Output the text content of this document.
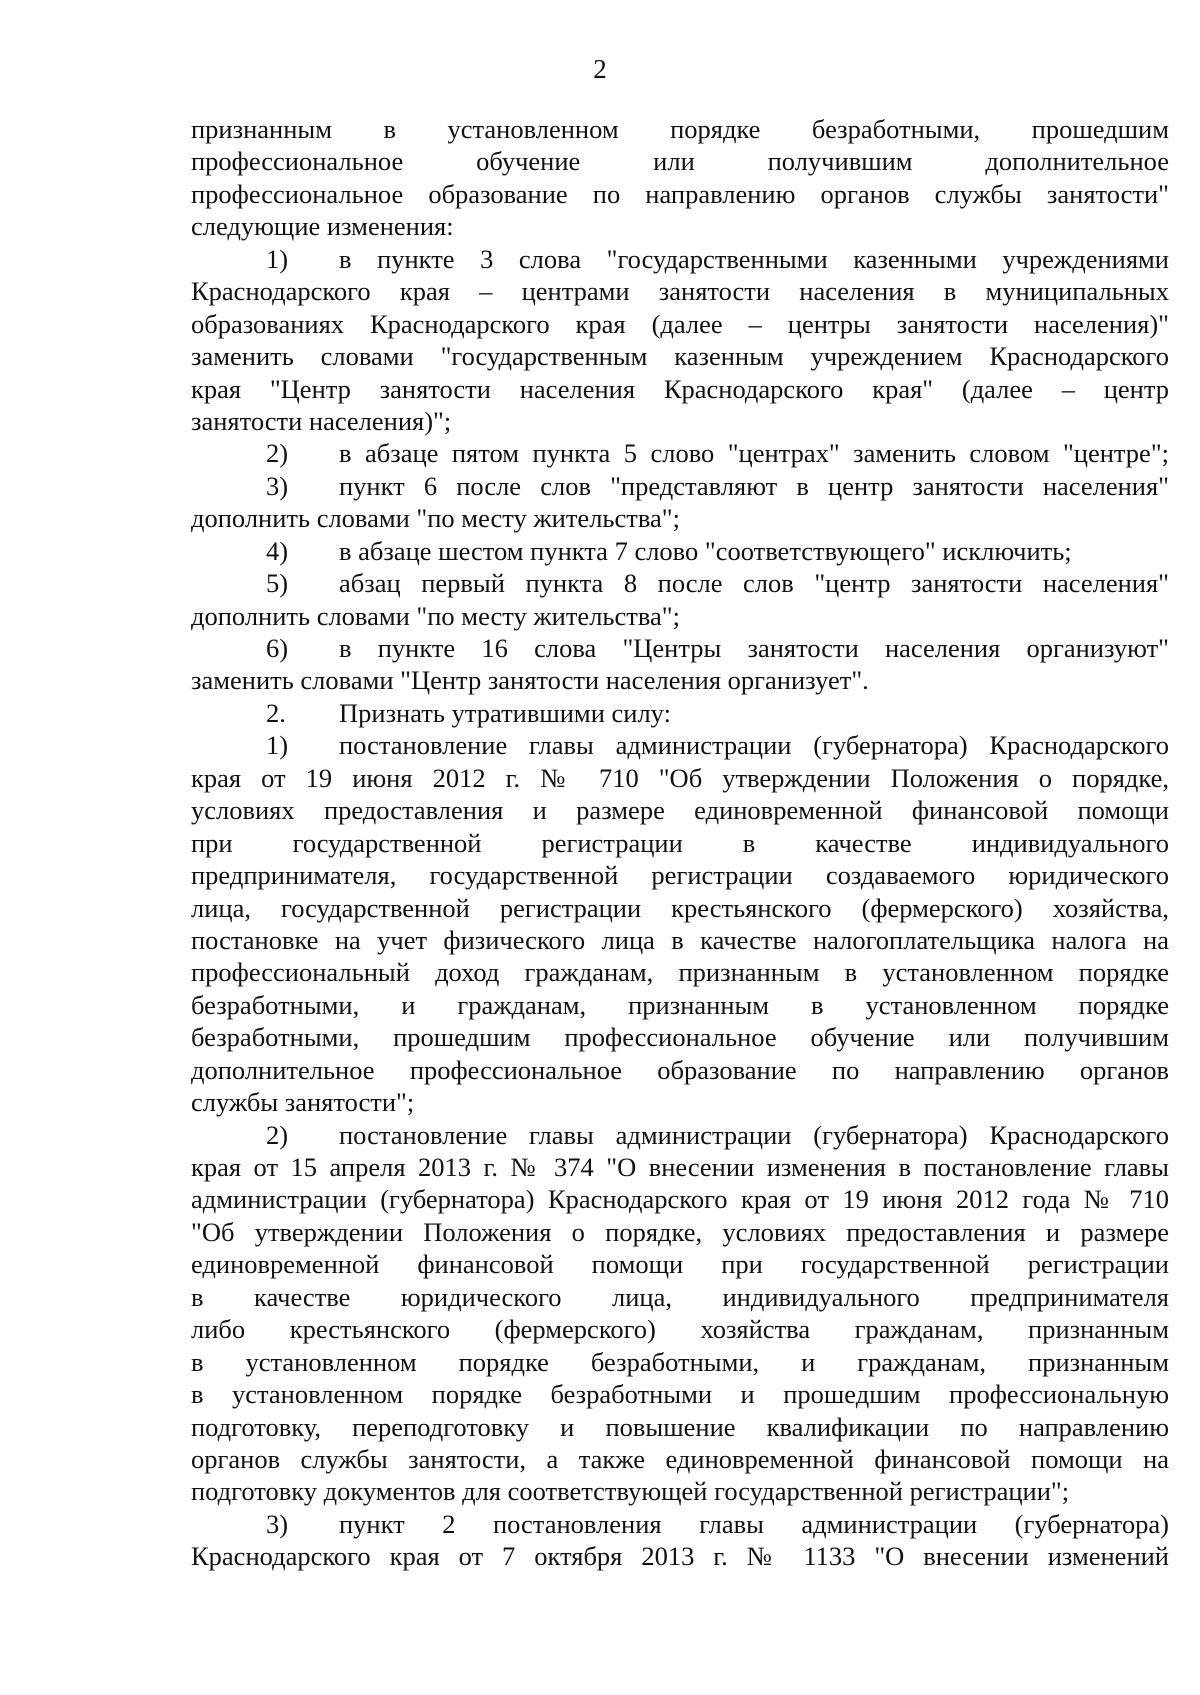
2
признанным в установленном порядке безработными, прошедшим
профессиональное обучение или получившим дополнительное
профессиональное образование по направлению органов службы занятости"
следующие изменения:
1) в пункте 3 слова "государственными казенными учреждениями
Краснодарского края – центрами занятости населения в муниципальных
образованиях Краснодарского края (далее – центры занятости населения)"
заменить словами "государственным казенным учреждением Краснодарского
края "Центр занятости населения Краснодарского края" (далее – центр
занятости населения)";
2) в абзаце пятом пункта 5 слово "центрах" заменить словом "центре";
3) пункт 6 после слов "представляют в центр занятости населения"
дополнить словами "по месту жительства";
4) в абзаце шестом пункта 7 слово "соответствующего" исключить;
5) абзац первый пункта 8 после слов "центр занятости населения"
дополнить словами "по месту жительства";
6) в пункте 16 слова "Центры занятости населения организуют"
заменить словами "Центр занятости населения организует".
2. Признать утратившими силу:
1) постановление главы администрации (губернатора) Краснодарского
края от 19 июня 2012 г. № 710 "Об утверждении Положения о порядке,
условиях предоставления и размере единовременной финансовой помощи
при государственной регистрации в качестве индивидуального
предпринимателя, государственной регистрации создаваемого юридического
лица, государственной регистрации крестьянского (фермерского) хозяйства,
постановке на учет физического лица в качестве налогоплательщика налога на
профессиональный доход гражданам, признанным в установленном порядке
безработными, и гражданам, признанным в установленном порядке
безработными, прошедшим профессиональное обучение или получившим
дополнительное профессиональное образование по направлению органов
службы занятости";
2) постановление главы администрации (губернатора) Краснодарского
края от 15 апреля 2013 г. № 374 "О внесении изменения в постановление главы
администрации (губернатора) Краснодарского края от 19 июня 2012 года № 710
"Об утверждении Положения о порядке, условиях предоставления и размере
единовременной финансовой помощи при государственной регистрации
в качестве юридического лица, индивидуального предпринимателя
либо крестьянского (фермерского) хозяйства гражданам, признанным
в установленном порядке безработными, и гражданам, признанным
в установленном порядке безработными и прошедшим профессиональную
подготовку, переподготовку и повышение квалификации по направлению
органов службы занятости, а также единовременной финансовой помощи на
подготовку документов для соответствующей государственной регистрации";
3) пункт 2 постановления главы администрации (губернатора)
Краснодарского края от 7 октября 2013 г. № 1133 "О внесении изменений
